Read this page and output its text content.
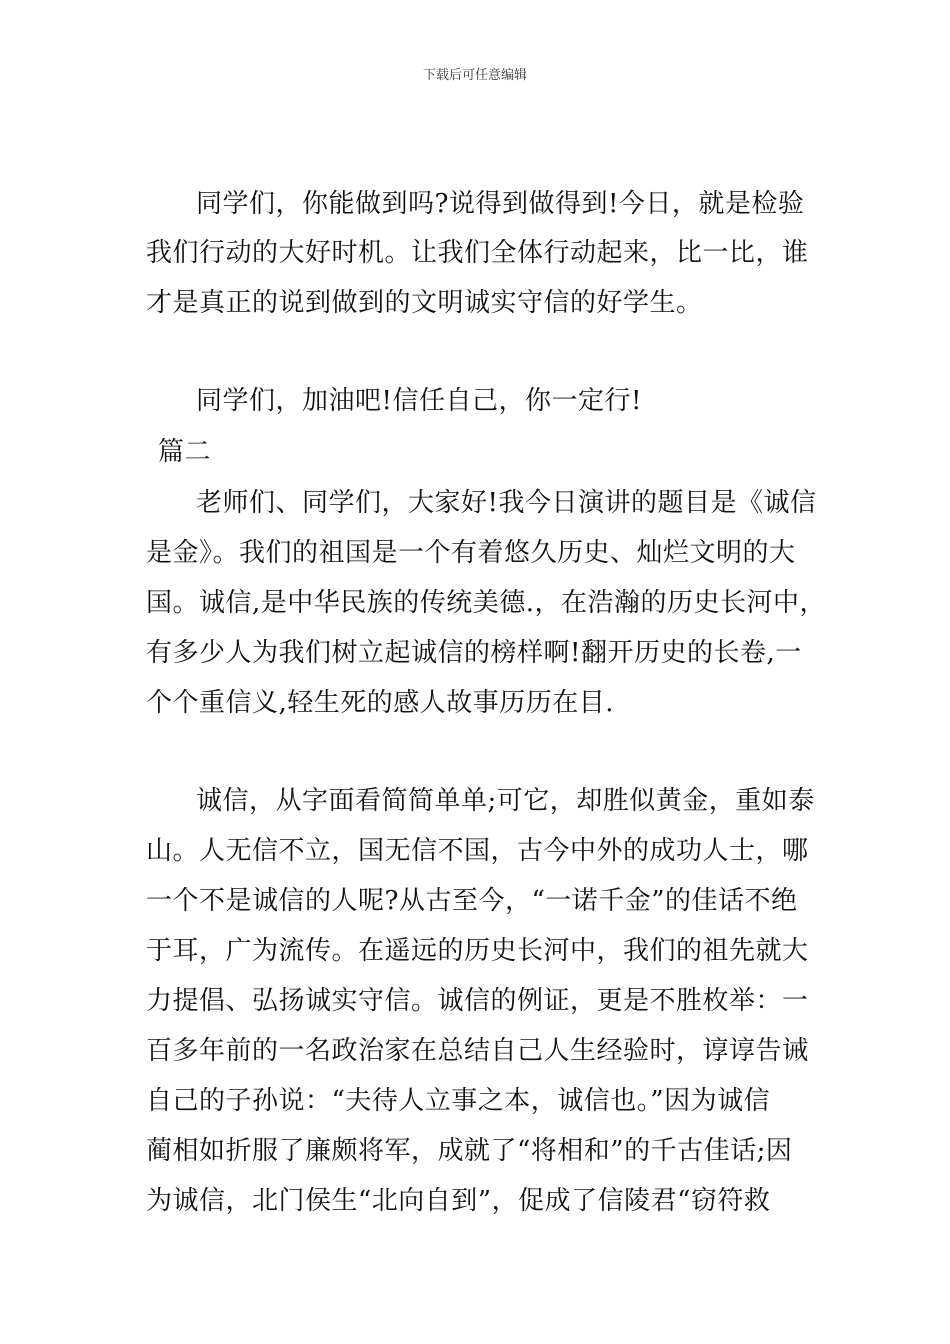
下载后可任意编辑
同学们，你能做到吗?说得到做得到!今日，就是检验
我们行动的大好时机。让我们全体行动起来，比一比，谁
才是真正的说到做到的文明诚实守信的好学生。
同学们，加油吧!信任自己，你一定行!
篇二
老师们、同学们，大家好!我今日演讲的题目是《诚信
是金》。我们的祖国是一个有着悠久历史、灿烂文明的大
国。诚信,是中华民族的传统美德.，在浩瀚的历史长河中，
有多少人为我们树立起诚信的榜样啊!翻开历史的长卷,一
个个重信义,轻生死的感人故事历历在目.
诚信，从字面看简简单单;可它，却胜似黄金，重如泰
山。人无信不立，国无信不国，古今中外的成功人士，哪
一个不是诚信的人呢?从古至今，“一诺千金”的佳话不绝
于耳，广为流传。在遥远的历史长河中，我们的祖先就大
力提倡、弘扬诚实守信。诚信的例证，更是不胜枚举：一
百多年前的一名政治家在总结自己人生经验时，谆谆告诫
自己的子孙说：“夫待人立事之本，诚信也。”因为诚信
蔺相如折服了廉颇将军，成就了“将相和”的千古佳话;因
为诚信，北门侯生“北向自到”，促成了信陵君“窃符救
